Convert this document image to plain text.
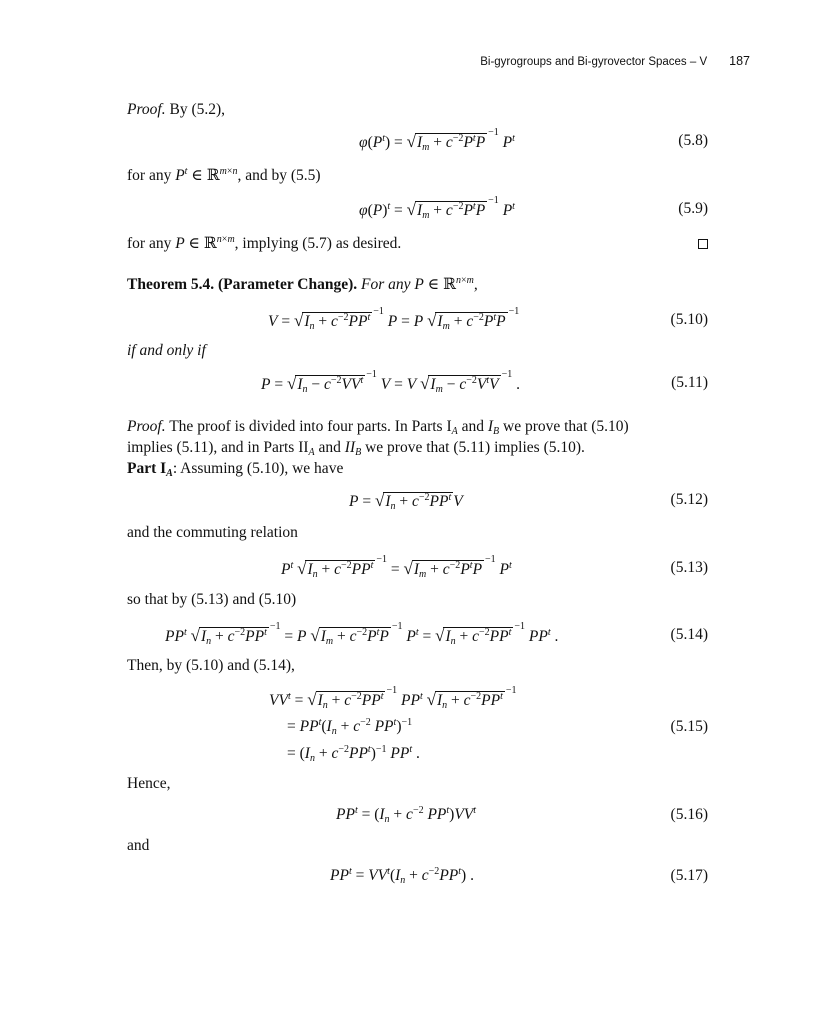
Bi-gyrogroups and Bi-gyrovector Spaces – V 187
Proof. By (5.2),
$\varphi(P^t) = √I_m + c^{-2}P^tP^{-1}$ $P^t$	(5.8)
for any $P^t$ ∈ ℝ$^{m\times n}$, and by (5.5)
$\varphi(P)^t = √I_m + c^{-2}P^tP^{-1}$ $P^t$	(5.9)
for any P ∈ ℝ$^{n\times m}$, implying (5.7) as desired.
Theorem 5.4. (Parameter Change). For any P ∈ ℝ$^{n\times m}$,
$V = √I_n + c^{-2}PP^{t-1}$ P = P $√I_m + c^{-2}P^tP^{-1}$	(5.10)
if and only if
$P = √I_n - c^{-2}VV^{t-1}$ V = V $√I_m - c^{-2}V^tV^{-1}$ .	(5.11)
Proof. The proof is divided into four parts. In Parts $I_A$ and $I_B$ we prove that (5.10)
implies (5.11), and in Parts $II_A$ and $II_B$ we prove that (5.11) implies (5.10).
Part $I_A$: Assuming (5.10), we have
$P = √I_n + c^{-2}PP^t$ V	(5.12)
and the commuting relation
$P^t$ $√I_n + c^{-2}PP^{t-1} = √I_m + c^{-2}P^tP^{-1}$ $P^t$	(5.13)
so that by (5.13) and (5.10)
$PP^t$ $√I_n + c^{-2}PP^{t-1} = P$ $√I_m + c^{-2}P^tP^{-1}$ $P^t = √I_n + c^{-2}PP^{t-1}$ $PP^t$ .	(5.14)
Then, by (5.10) and (5.14),
$VV^t = √I_n + c^{-2}PP^{t-1}$ $PP^t$ $√I_n + c^{-2}PP^{t-1}$
= $PP^t(I_n + c^{-2}$ $PP^t)^{-1}$	(5.15)
= $(I_n + c^{-2}PP^t)^{-1}$ $PP^t$ .
Hence,
$PP^t = (I_n + c^{-2}$ $PP^t)VV^t$	(5.16)
and
$PP^t = VV^t(I_n + c^{-2}PP^t)$ .	(5.17)
